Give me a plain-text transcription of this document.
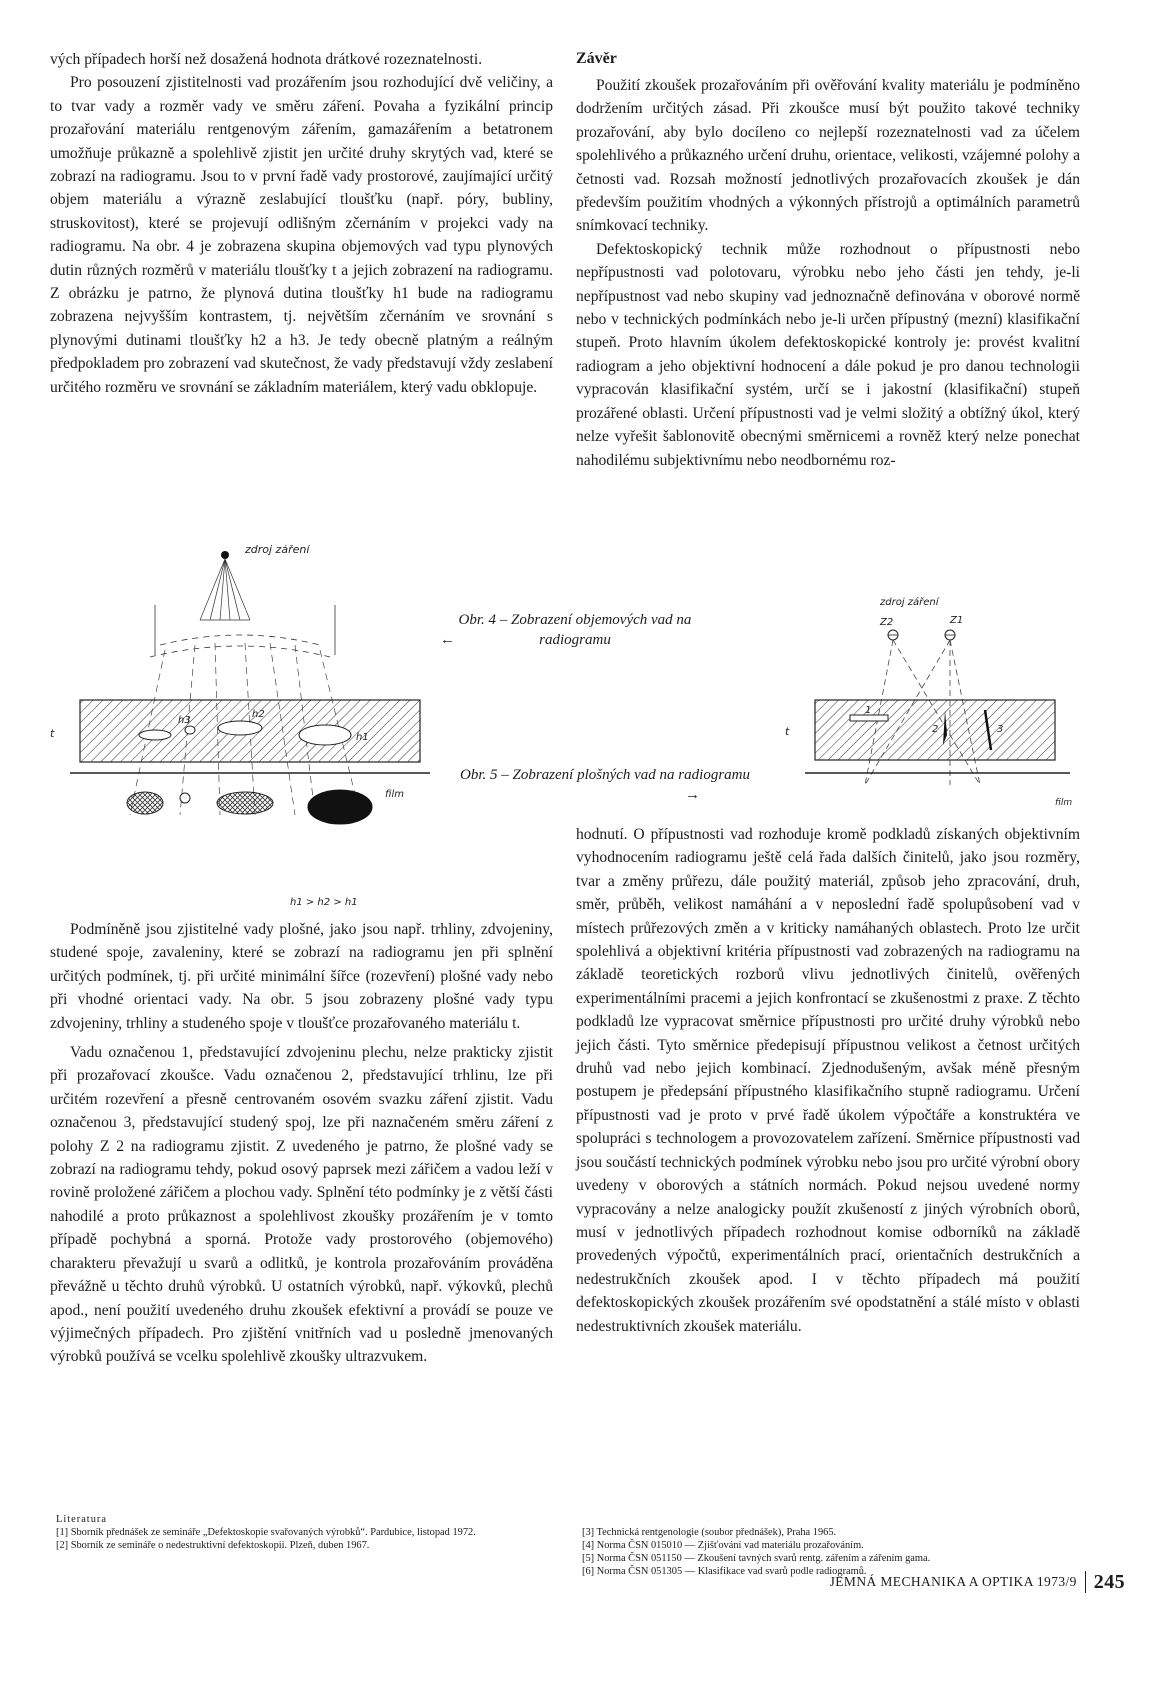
vých případech horší než dosažená hodnota drátkové rozeznatelnosti.

Pro posouzení zjistitelnosti vad prozářením jsou rozhodující dvě veličiny, a to tvar vady a rozměr vady ve směru záření. Povaha a fyzikální princip prozařování materiálu rentgenovým zářením, gamazářením a betatronem umožňuje průkazně a spolehlivě zjistit jen určité druhy skrytých vad, které se zobrazí na radiogramu. Jsou to v první řadě vady prostorové, zaujímající určitý objem materiálu a výrazně zeslabující tloušťku (např. póry, bubliny, struskovitost), které se projevují odlišným zčernáním v projekci vady na radiogramu. Na obr. 4 je zobrazena skupina objemových vad typu plynových dutin různých rozměrů v materiálu tloušťky t a jejich zobrazení na radiogramu. Z obrázku je patrno, že plynová dutina tloušťky h1 bude na radiogramu zobrazena nejvyšším kontrastem, tj. největším zčernáním ve srovnání s plynovými dutinami tloušťky h2 a h3. Je tedy obecně platným a reálným předpokladem pro zobrazení vad skutečnost, že vady představují vždy zeslabení určitého rozměru ve srovnání se základním materiálem, který vadu obklopuje.

Závěr

Použití zkoušek prozařováním při ověřování kvality materiálu je podmíněno dodržením určitých zásad. Při zkoušce musí být použito takové techniky prozařování, aby bylo docíleno co nejlepší rozeznatelnosti vad za účelem spolehlivého a průkazného určení druhu, orientace, velikosti, vzájemné polohy a četnosti vad. Rozsah možností jednotlivých prozařovacích zkoušek je dán především použitím vhodných a výkonných přístrojů a optimálních parametrů snímkovací techniky.

Defektoskopický technik může rozhodnout o přípustnosti nebo nepřípustnosti vad polotovaru, výrobku nebo jeho části jen tehdy, je-li nepřípustnost vad nebo skupiny vad jednoznačně definována v oborové normě nebo v technických podmínkách nebo je-li určen přípustný (mezní) klasifikační stupeň. Proto hlavním úkolem defektoskopické kontroly je: provést kvalitní radiogram a jeho objektivní hodnocení a dále pokud je pro danou technologii vypracován klasifikační systém, určí se i jakostní (klasifikační) stupeň prozářené oblasti. Určení přípustnosti vad je velmi složitý a obtížný úkol, který nelze vyřešit šablonovitě obecnými směrnicemi a rovněž který nelze ponechat nahodilému subjektivnímu nebo neodbornému roz-

zdroj záření
h3
h2
h1
t
film
h1 > h2 > h1
Obr. 4 – Zobrazení objemových vad na radiogramu
←
zdroj záření
Z2	Z1
1
2	3
t
film
Obr. 5 – Zobrazení plošných vad na radiogramu
→

Podmíněně jsou zjistitelné vady plošné, jako jsou např. trhliny, zdvojeniny, studené spoje, zavaleniny, které se zobrazí na radiogramu jen při splnění určitých podmínek, tj. při určité minimální šířce (rozevření) plošné vady nebo při vhodné orientaci vady. Na obr. 5 jsou zobrazeny plošné vady typu zdvojeniny, trhliny a studeného spoje v tloušťce prozařovaného materiálu t.

Vadu označenou 1, představující zdvojeninu plechu, nelze prakticky zjistit při prozařovací zkoušce. Vadu označenou 2, představující trhlinu, lze při určitém rozevření a přesně centrovaném osovém svazku záření zjistit. Vadu označenou 3, představující studený spoj, lze při naznačeném směru záření z polohy Z 2 na radiogramu zjistit. Z uvedeného je patrno, že plošné vady se zobrazí na radiogramu tehdy, pokud osový paprsek mezi zářičem a vadou leží v rovině proložené zářičem a plochou vady. Splnění této podmínky je z větší části nahodilé a proto průkaznost a spolehlivost zkoušky prozářením je v tomto případě pochybná a sporná. Protože vady prostorového (objemového) charakteru převažují u svarů a odlitků, je kontrola prozařováním prováděna převážně u těchto druhů výrobků. U ostatních výrobků, např. výkovků, plechů apod., není použití uvedeného druhu zkoušek efektivní a provádí se pouze ve výjimečných případech. Pro zjištění vnitřních vad u posledně jmenovaných výrobků používá se vcelku spolehlivě zkoušky ultrazvukem.

hodnutí. O přípustnosti vad rozhoduje kromě podkladů získaných objektivním vyhodnocením radiogramu ještě celá řada dalších činitelů, jako jsou rozměry, tvar a změny průřezu, dále použitý materiál, způsob jeho zpracování, druh, směr, průběh, velikost namáhání a v neposlední řadě spolupůsobení vad v místech průřezových změn a v kriticky namáhaných oblastech. Proto lze určit spolehlivá a objektivní kritéria přípustnosti vad zobrazených na radiogramu na základě teoretických rozborů vlivu jednotlivých činitelů, ověřených experimentálními pracemi a jejich konfrontací se zkušenostmi z praxe. Z těchto podkladů lze vypracovat směrnice přípustnosti pro určité druhy výrobků nebo jejich části. Tyto směrnice předepisují přípustnou velikost a četnost určitých druhů vad nebo jejich kombinací. Zjednodušeným, avšak méně přesným postupem je předepsání přípustného klasifikačního stupně radiogramu. Určení přípustnosti vad je proto v prvé řadě úkolem výpočtáře a konstruktéra ve spolupráci s technologem a provozovatelem zařízení. Směrnice přípustnosti vad jsou součástí technických podmínek výrobku nebo jsou pro určité výrobní obory uvedeny v oborových a státních normách. Pokud nejsou uvedené normy vypracovány a nelze analogicky použít zkušeností z jiných výrobních oborů, musí v jednotlivých případech rozhodnout komise odborníků na základě provedených výpočtů, experimentálních prací, orientačních destrukčních a nedestrukčních zkoušek apod. I v těchto případech má použití defektoskopických zkoušek prozářením své opodstatnění a stálé místo v oblasti nedestruktivních zkoušek materiálu.

Literatura
[1] Sborník přednášek ze semináře „Defektoskopie svařovaných výrobků“. Pardubice, listopad 1972.
[2] Sborník ze semináře o nedestruktivní defektoskopii. Plzeň, duben 1967.
[3] Technická rentgenologie (soubor přednášek), Praha 1965.
[4] Norma ČSN 015010 — Zjišťování vad materiálu prozařováním.
[5] Norma ČSN 051150 — Zkoušení tavných svarů rentg. zářením a zářením gama.
[6] Norma ČSN 051305 — Klasifikace vad svarů podle radiogramů.
JEMNÁ MECHANIKA A OPTIKA 1973/9 245
